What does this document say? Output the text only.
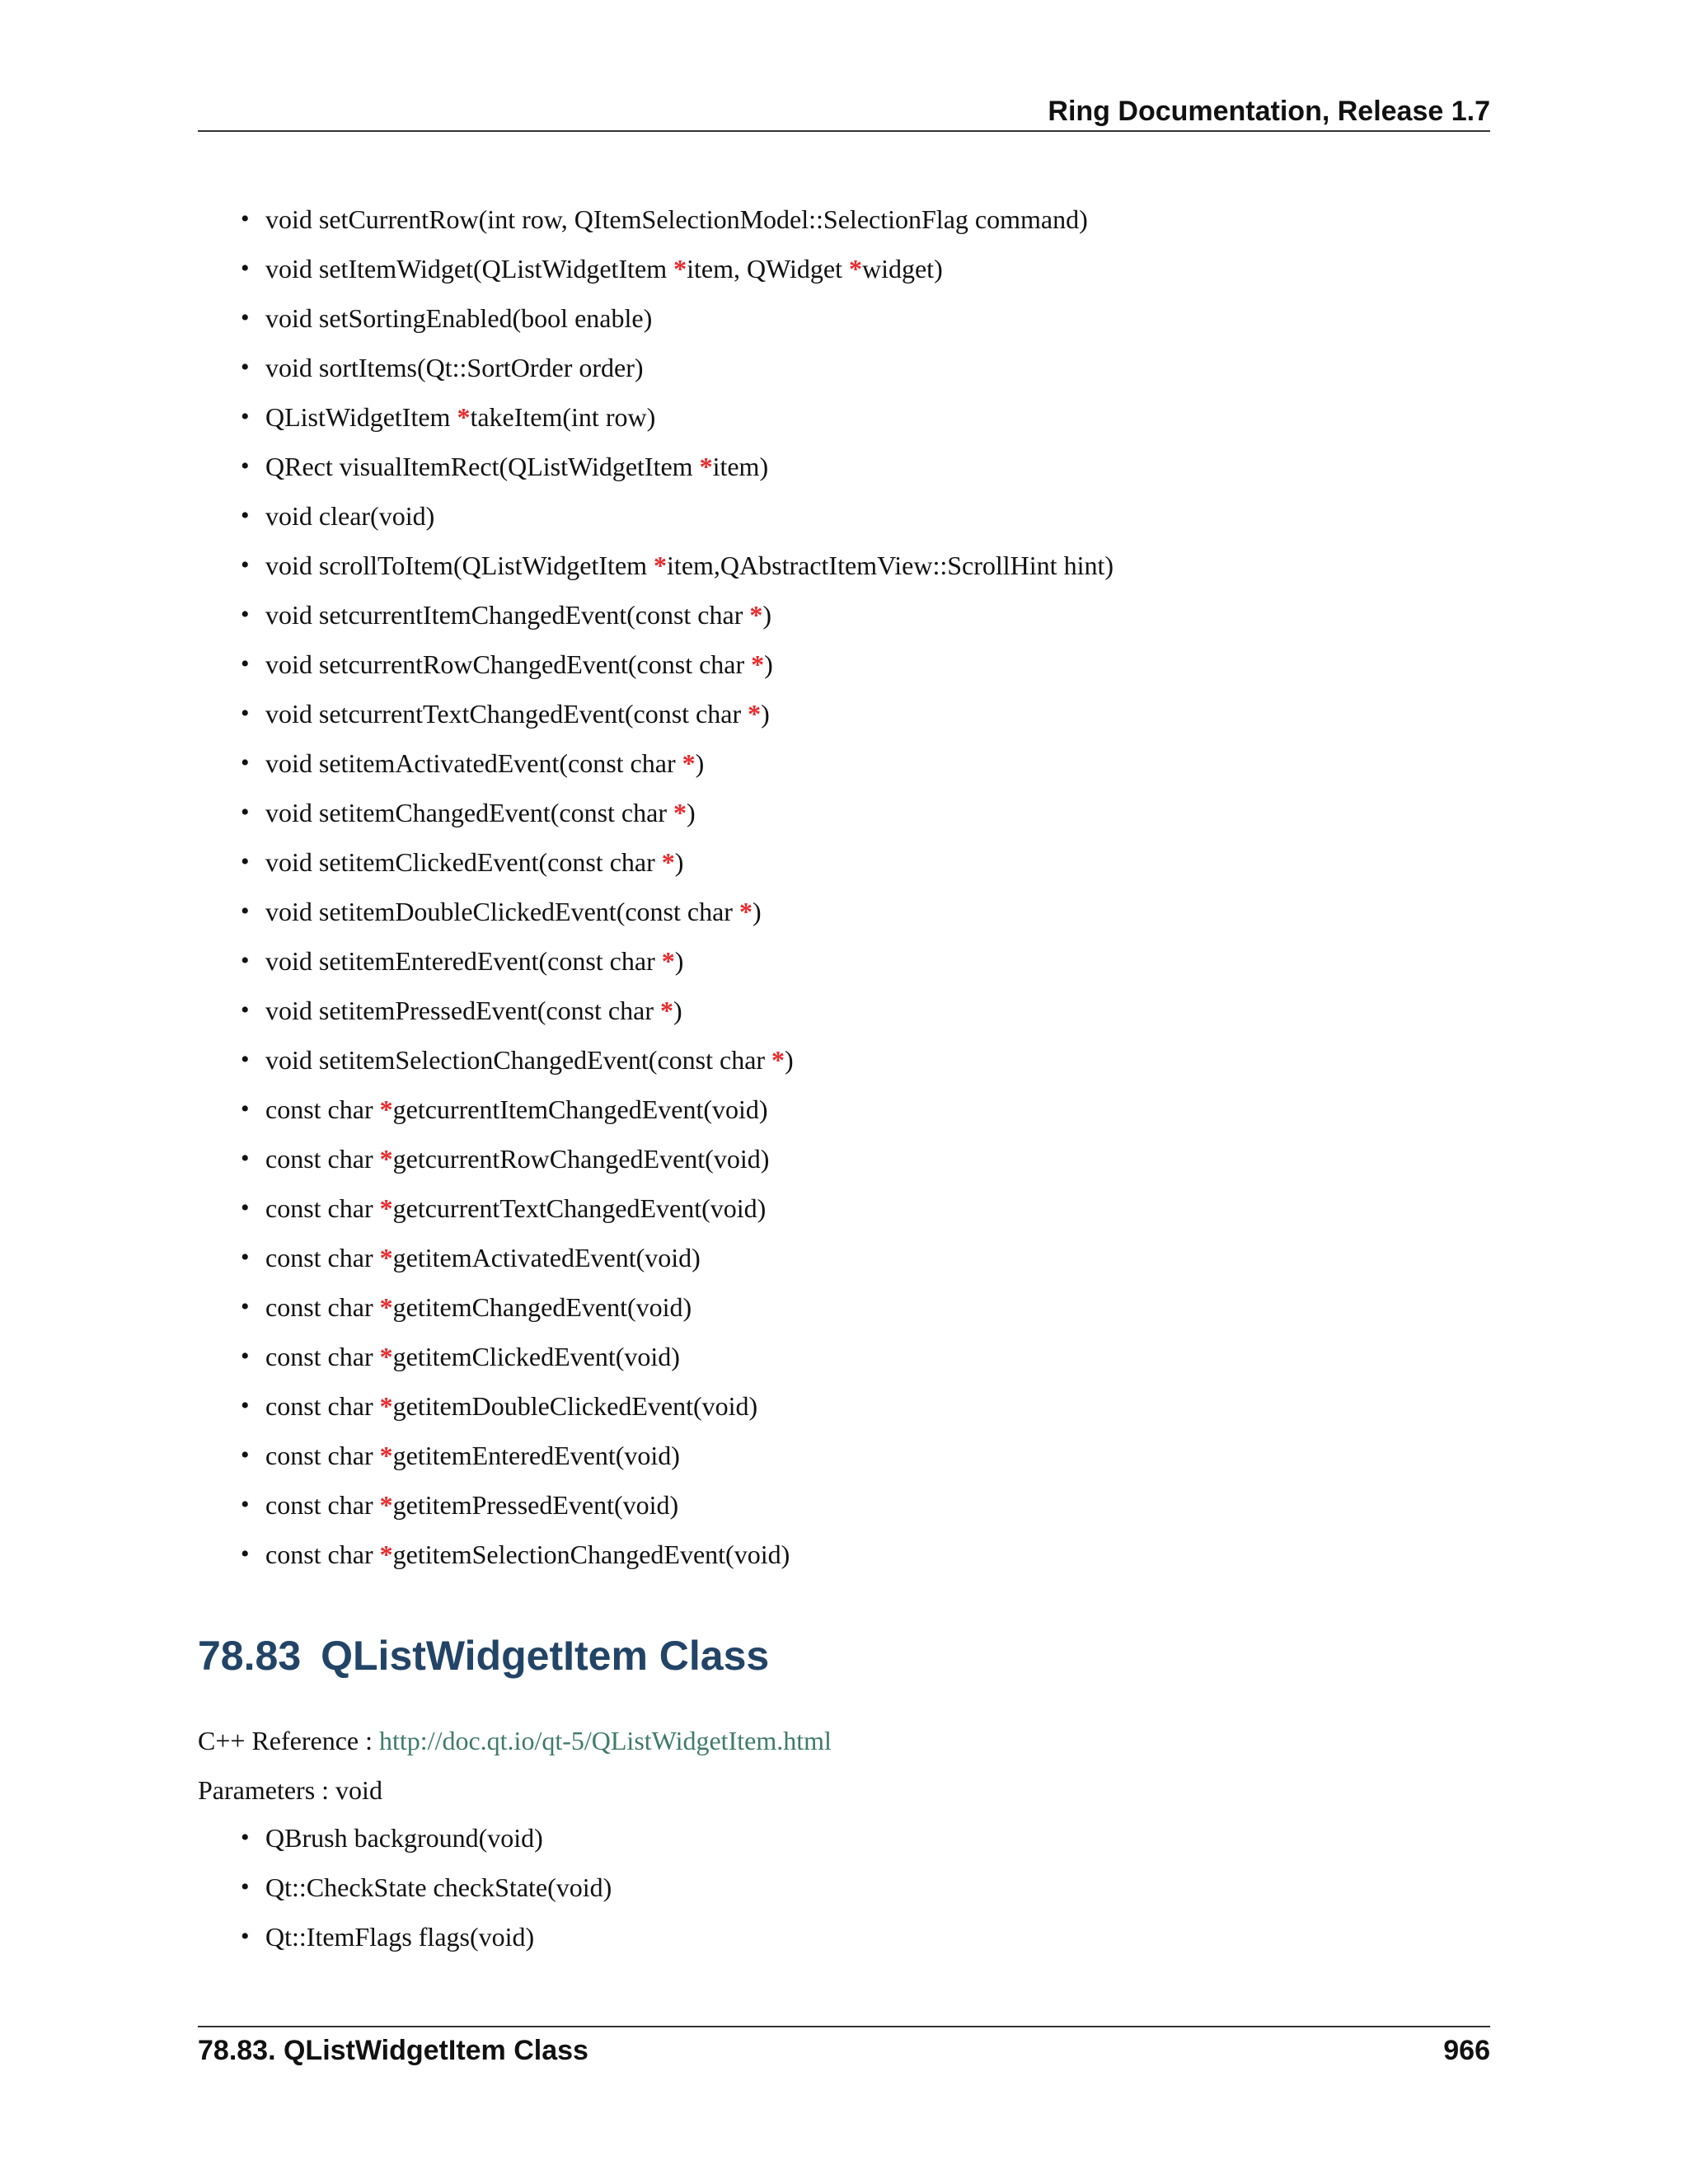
Ring Documentation, Release 1.7
• void setCurrentRow(int row, QItemSelectionModel::SelectionFlag command)
• void setItemWidget(QListWidgetItem *item, QWidget *widget)
• void setSortingEnabled(bool enable)
• void sortItems(Qt::SortOrder order)
• QListWidgetItem *takeItem(int row)
• QRect visualItemRect(QListWidgetItem *item)
• void clear(void)
• void scrollToItem(QListWidgetItem *item,QAbstractItemView::ScrollHint hint)
• void setcurrentItemChangedEvent(const char *)
• void setcurrentRowChangedEvent(const char *)
• void setcurrentTextChangedEvent(const char *)
• void setitemActivatedEvent(const char *)
• void setitemChangedEvent(const char *)
• void setitemClickedEvent(const char *)
• void setitemDoubleClickedEvent(const char *)
• void setitemEnteredEvent(const char *)
• void setitemPressedEvent(const char *)
• void setitemSelectionChangedEvent(const char *)
• const char *getcurrentItemChangedEvent(void)
• const char *getcurrentRowChangedEvent(void)
• const char *getcurrentTextChangedEvent(void)
• const char *getitemActivatedEvent(void)
• const char *getitemChangedEvent(void)
• const char *getitemClickedEvent(void)
• const char *getitemDoubleClickedEvent(void)
• const char *getitemEnteredEvent(void)
• const char *getitemPressedEvent(void)
• const char *getitemSelectionChangedEvent(void)
78.83 QListWidgetItem Class
C++ Reference : http://doc.qt.io/qt-5/QListWidgetItem.html
Parameters : void
• QBrush background(void)
• Qt::CheckState checkState(void)
• Qt::ItemFlags flags(void)
78.83. QListWidgetItem Class	966
